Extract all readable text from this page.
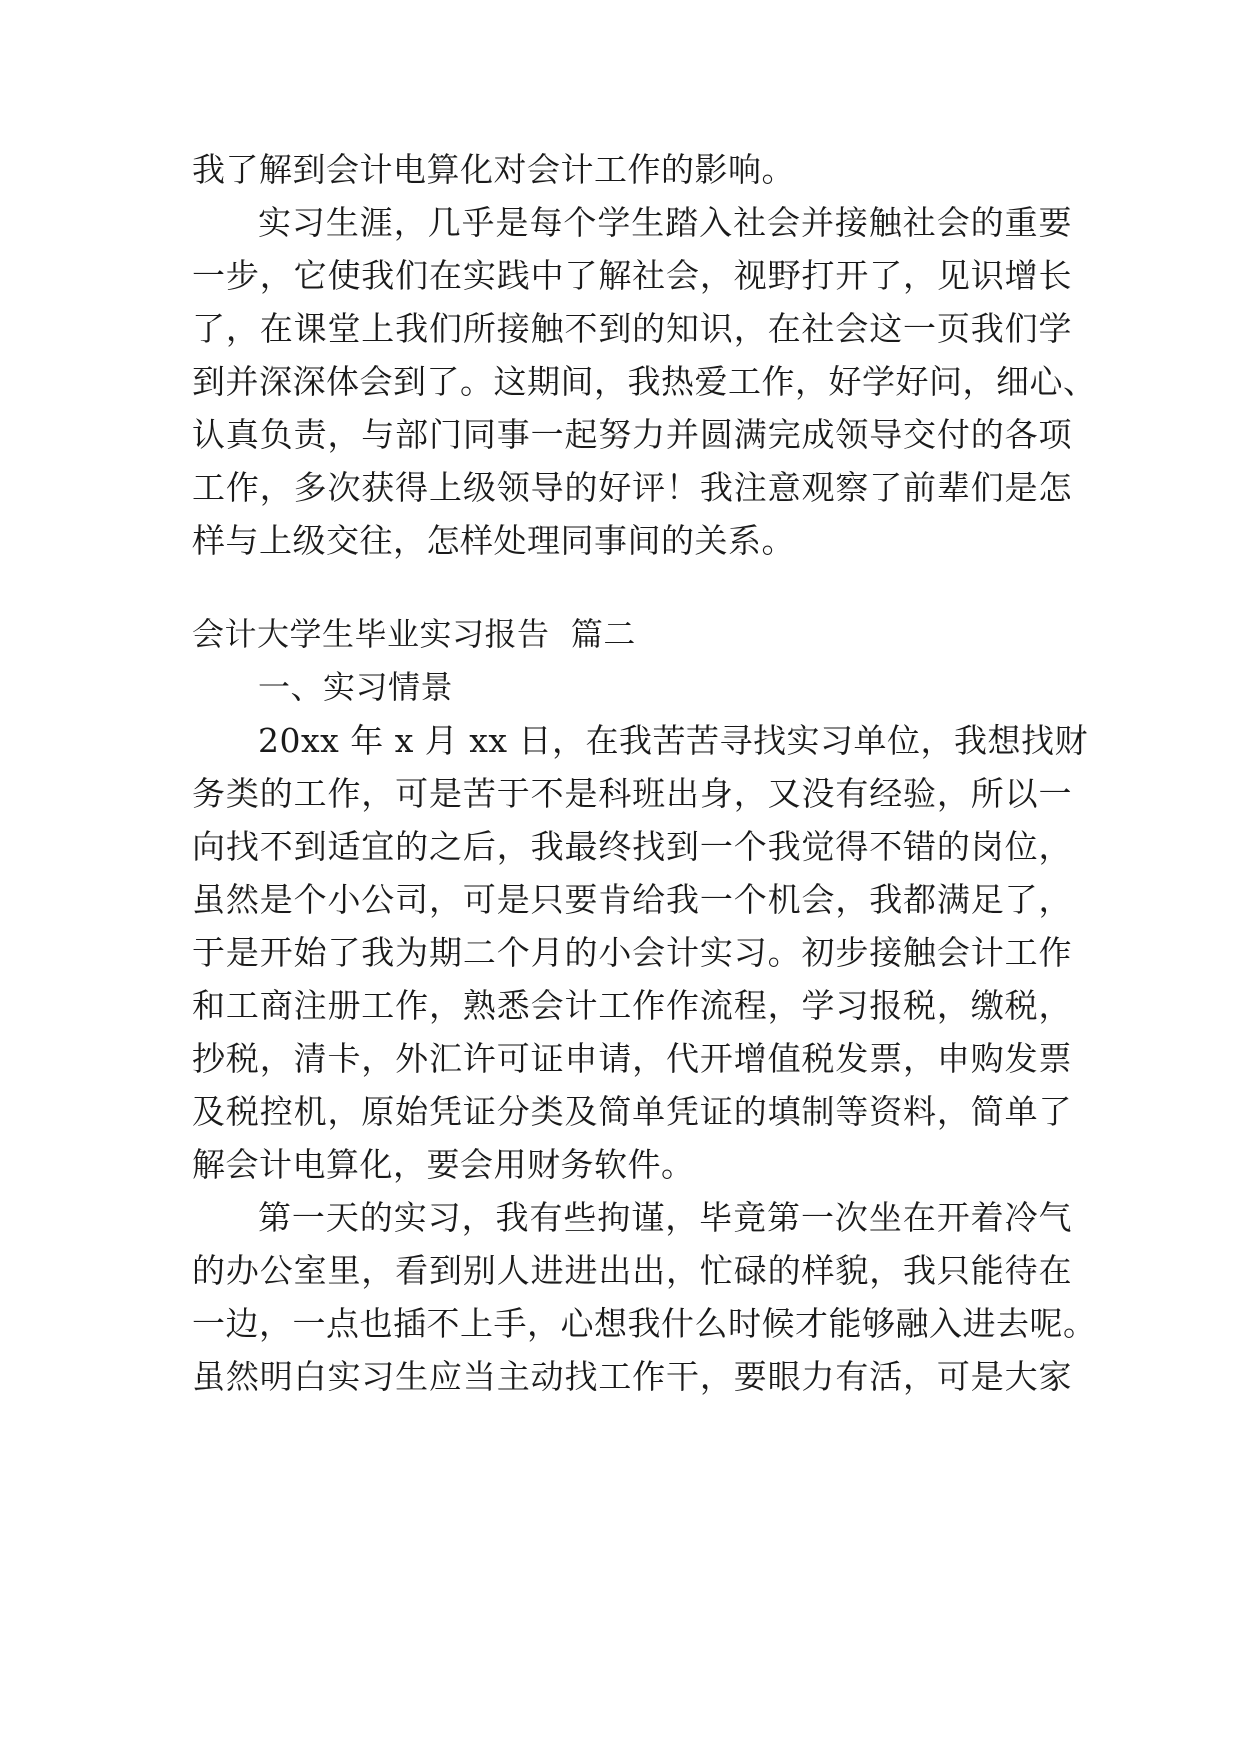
我了解到会计电算化对会计工作的影响。
实习生涯，几乎是每个学生踏入社会并接触社会的重要
一步，它使我们在实践中了解社会，视野打开了，见识增长
了，在课堂上我们所接触不到的知识，在社会这一页我们学
到并深深体会到了。这期间，我热爱工作，好学好问，细心、
认真负责，与部门同事一起努力并圆满完成领导交付的各项
工作，多次获得上级领导的好评！我注意观察了前辈们是怎
样与上级交往，怎样处理同事间的关系。
会计大学生毕业实习报告  篇二
一、实习情景
20xx 年 x 月 xx 日，在我苦苦寻找实习单位，我想找财
务类的工作，可是苦于不是科班出身，又没有经验，所以一
向找不到适宜的之后，我最终找到一个我觉得不错的岗位，
虽然是个小公司，可是只要肯给我一个机会，我都满足了，
于是开始了我为期二个月的小会计实习。初步接触会计工作
和工商注册工作，熟悉会计工作作流程，学习报税，缴税，
抄税，清卡，外汇许可证申请，代开增值税发票，申购发票
及税控机，原始凭证分类及简单凭证的填制等资料，简单了
解会计电算化，要会用财务软件。
第一天的实习，我有些拘谨，毕竟第一次坐在开着冷气
的办公室里，看到别人进进出出，忙碌的样貌，我只能待在
一边，一点也插不上手，心想我什么时候才能够融入进去呢。
虽然明白实习生应当主动找工作干，要眼力有活，可是大家
